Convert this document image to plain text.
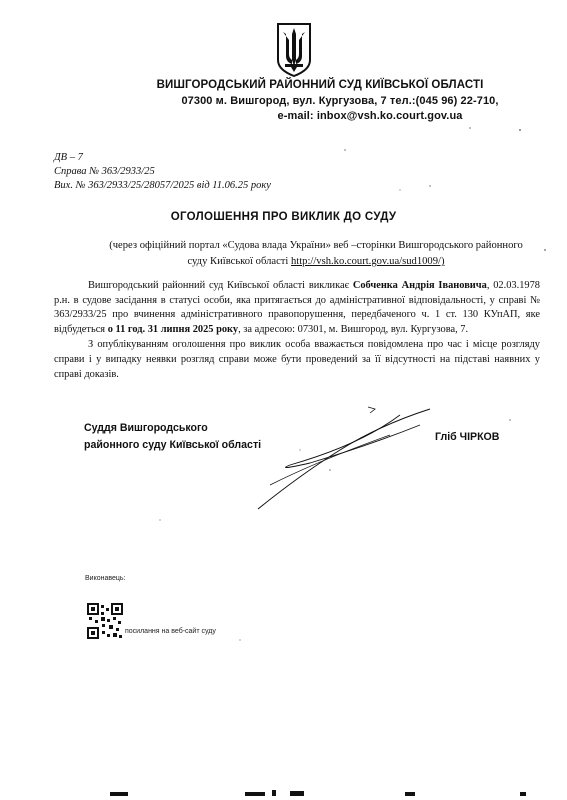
ВИШГОРОДСЬКИЙ РАЙОННИЙ СУД КИЇВСЬКОЇ ОБЛАСТІ
07300 м. Вишгород, вул. Кургузова, 7 тел.:(045 96) 22-710,
e-mail: inbox@vsh.ko.court.gov.ua
ДВ – 7
Справа № 363/2933/25
Вих. № 363/2933/25/28057/2025 від 11.06.25 року
ОГОЛОШЕННЯ ПРО ВИКЛИК ДО СУДУ
(через офіційний портал «Судова влада України» веб –сторінки Вишгородського районного
суду Київської області http://vsh.ko.court.gov.ua/sud1009/)

Вишгородський районний суд Київської області викликає Собченка Андрія Івановича, 02.03.1978 р.н. в судове засідання в статусі особи, яка притягається до адміністративної відповідальності, у справі № 363/2933/25 про вчинення адміністративного правопорушення, передбаченого ч. 1 ст. 130 КУпАП, яке відбудеться о 11 год. 31 липня 2025 року, за адресою: 07301, м. Вишгород, вул. Кургузова, 7.

З опублікуванням оголошення про виклик особа вважається повідомлена про час і місце розгляду справи і у випадку неявки розгляд справи може бути проведений за її відсутності на підставі наявних у справі доказів.

Суддя Вишгородського
районного суду Київської області
Гліб ЧІРКОВ
Виконавець:
посилання на веб-сайт суду
